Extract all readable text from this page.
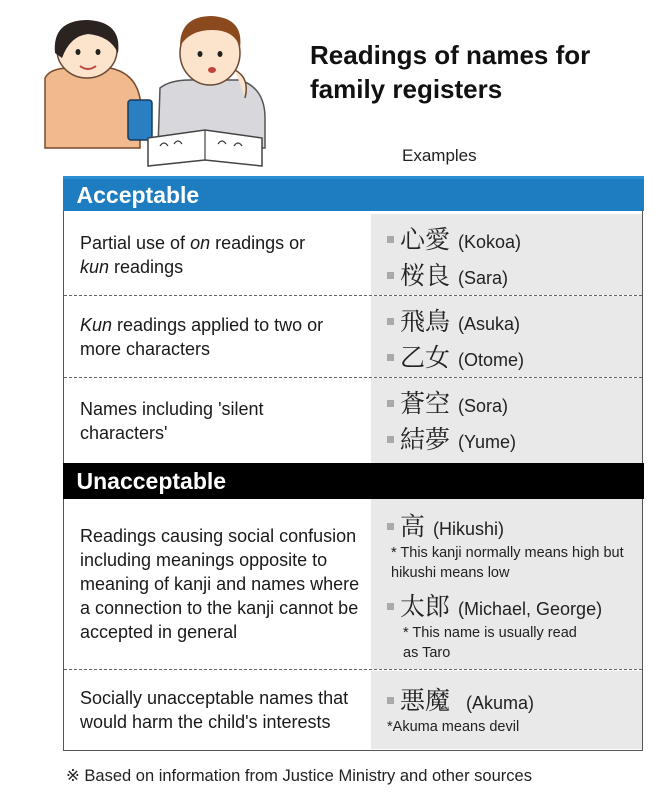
Readings of names for
family registers
Examples
Acceptable
Partial use of on readings or
kun readings
心愛 (Kokoa)
桜良 (Sara)
Kun readings applied to two or more characters
飛鳥 (Asuka)
乙女 (Otome)
Names including 'silent characters'
蒼空 (Sora)
結夢 (Yume)
Unacceptable
Readings causing social confusion including meanings opposite to meaning of kanji and names where a connection to the kanji cannot be accepted in general
高 (Hikushi)
* This kanji normally means high but hikushi means low
太郎 (Michael, George)
* This name is usually read as Taro
Socially unacceptable names that would harm the child's interests
悪魔 (Akuma)
*Akuma means devil
※ Based on information from Justice Ministry and other sources
